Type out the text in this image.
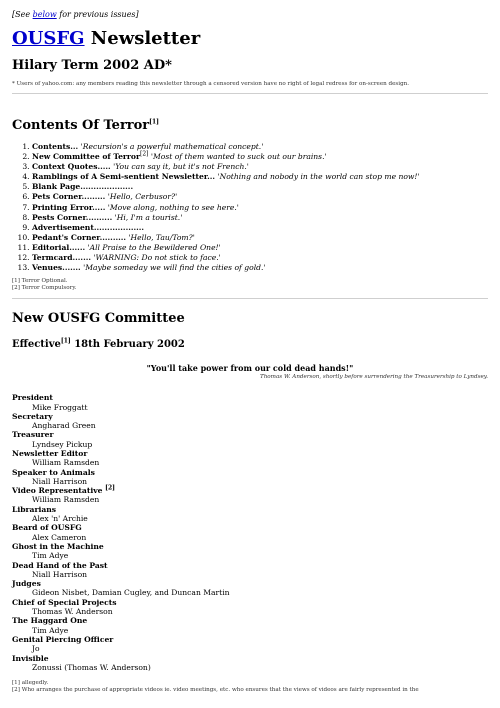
[See below for previous issues]

OUSFG Newsletter
Hilary Term 2002 AD*

* Users of yahoo.com: any members reading this newsletter through a censored version have no right of legal redress for on-screen design.

Contents Of Terror[1]
1. Contents... 'Recursion's a powerful mathematical concept.'
2. New Committee of Terror[2] 'Most of them wanted to suck out our brains.'
3. Context Quotes..... 'You can say it, but it's not French.'
4. Ramblings of A Semi-sentient Newsletter... 'Nothing and nobody in the world can stop me now!'
5. Blank Page....................
6. Pets Corner......... 'Hello, Cerbusor?'
7. Printing Error..... 'Move along, nothing to see here.'
8. Pests Corner.......... 'Hi, I'm a tourist.'
9. Advertisement...................
10. Pedant's Corner.......... 'Hello, Tau/Tom?'
11. Editorial...... 'All Praise to the Bewildered One!'
12. Termcard....... 'WARNING: Do not stick to face.'
13. Venues....... 'Maybe someday we will find the cities of gold.'

[1] Terror Optional.

[2] Terror Compulsory.

New OUSFG Committee
Effective[1] 18th February 2002

"You'll take power from our cold dead hands!"

Thomas W. Anderson, shortly before surrendering the Treasurership to Lyndsey.

President
Mike Froggatt
Secretary
Angharad Green
Treasurer
Lyndsey Pickup
Newsletter Editor
William Ramsden
Speaker to Animals
Niall Harrison
Video Representative [2]
William Ramsden
Librarians
Alex 'n' Archie
Beard of OUSFG
Alex Cameron
Ghost in the Machine
Tim Adye
Dead Hand of the Past
Niall Harrison
Judges
Gideon Nisbet, Damian Cugley, and Duncan Martin
Chief of Special Projects
Thomas W. Anderson
The Haggard One
Tim Adye
Genital Piercing Officer
Jo
Invisible
Zonussi (Thomas W. Anderson)

[1] allegedly.

[2] Who arranges the purchase of appropriate videos ie. video meetings, etc. who ensures that the views of videos are fairly represented in the
